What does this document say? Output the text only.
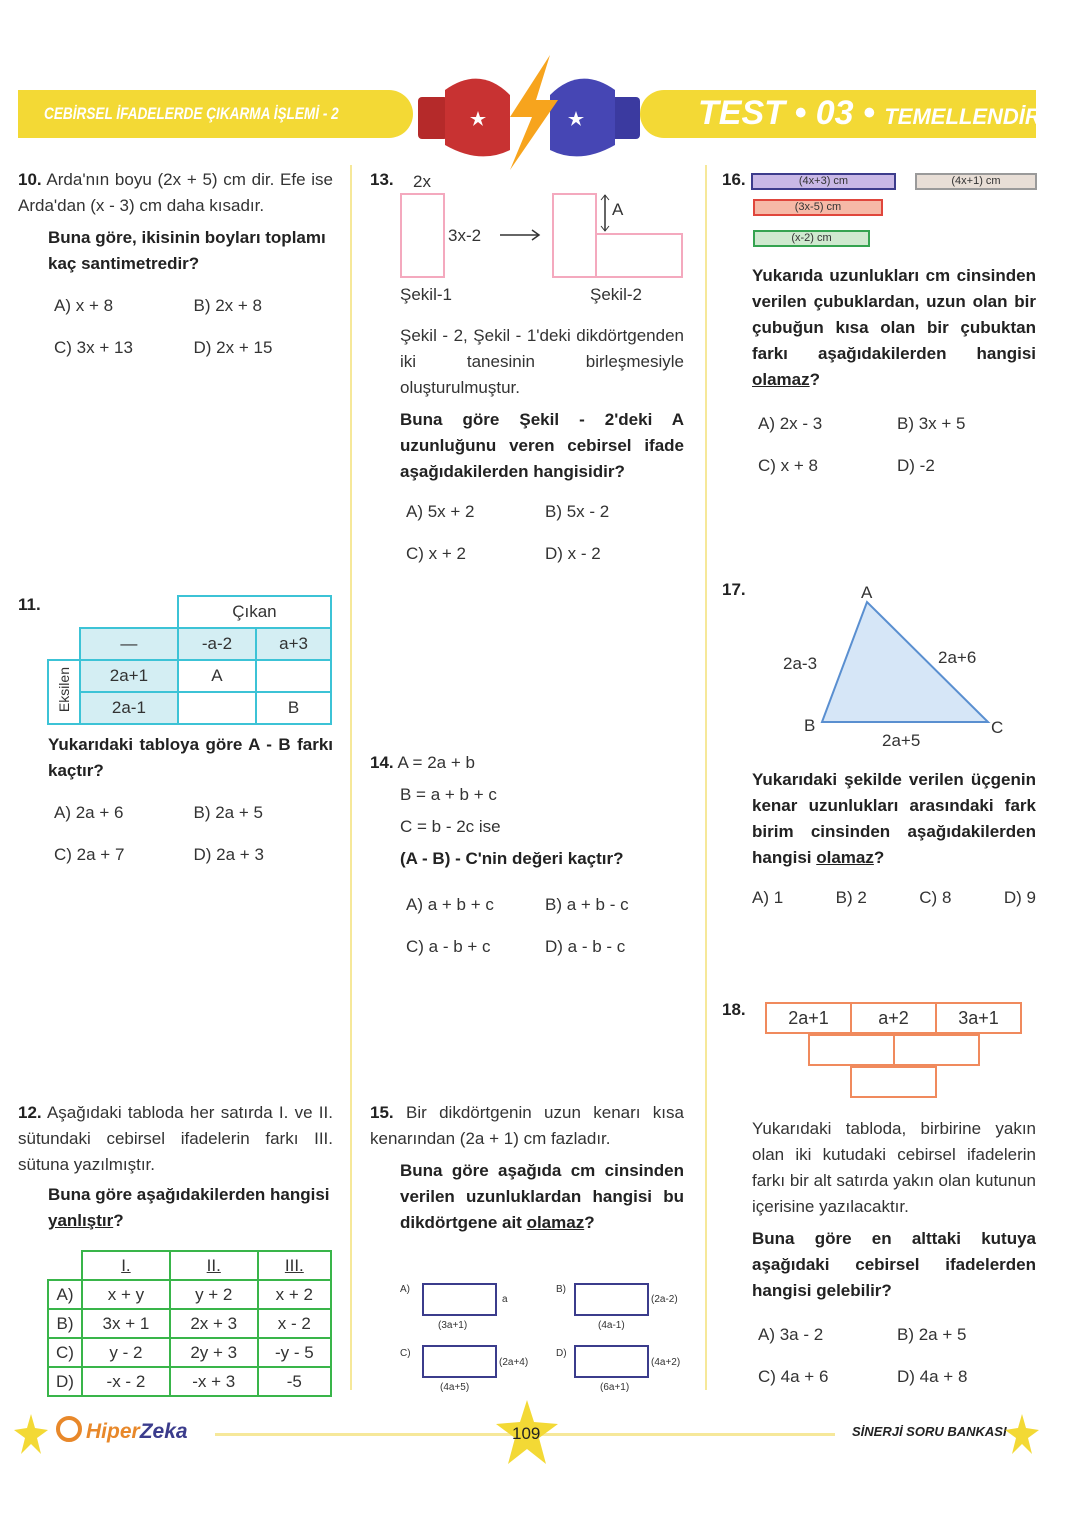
CEBİRSEL İFADELERDE ÇIKARMA İŞLEMİ - 2	TEST • 03 • TEMELLENDİRME
10. Arda'nın boyu (2x + 5) cm dir. Efe ise Arda'dan (x - 3) cm daha kısadır.
Buna göre, ikisinin boyları toplamı kaç santimetredir?
A) x + 8	B) 2x + 8
C) 3x + 13	D) 2x + 15
11.
		Çıkan	
	—	-a-2	a+3
Eksilen	2a+1	A	
	2a-1		B
Yukarıdaki tabloya göre A - B farkı kaçtır?
A) 2a + 6	B) 2a + 5
C) 2a + 7	D) 2a + 3
12. Aşağıdaki tabloda her satırda I. ve II. sütundaki cebirsel ifadelerin farkı III. sütuna yazılmıştır.
Buna göre aşağıdakilerden hangisi yanlıştır?
	I.	II.	III.
A)	x + y	y + 2	x + 2
B)	3x + 1	2x + 3	x - 2
C)	y - 2	2y + 3	-y - 5
D)	-x - 2	-x + 3	-5
13. 2x
3x-2
A
Şekil-1	Şekil-2
Şekil - 2, Şekil - 1'deki dikdörtgenden iki tanesinin birleşmesiyle oluşturulmuştur.
Buna göre Şekil - 2'deki A uzunluğunu veren cebirsel ifade aşağıdakilerden hangisidir?
A) 5x + 2	B) 5x - 2
C) x + 2	D) x - 2
14. A = 2a + b
B = a + b + c
C = b - 2c ise
(A - B) - C'nin değeri kaçtır?
A) a + b + c	B) a + b - c
C) a - b + c	D) a - b - c
15. Bir dikdörtgenin uzun kenarı kısa kenarından (2a + 1) cm fazladır.
Buna göre aşağıda cm cinsinden verilen uzunluklardan hangisi bu dikdörtgene ait olamaz?
A)
a
(3a+1)
B)
(2a-2)
(4a-1)
C)
(2a+4)
(4a+5)
D)
(4a+2)
(6a+1)
16.	(4x+3) cm	(4x+1) cm
(3x-5) cm
(x-2) cm
Yukarıda uzunlukları cm cinsinden verilen çubuklardan, uzun olan bir çubuğun kısa olan bir çubuktan farkı aşağıdakilerden hangisi olamaz?
A) 2x - 3	B) 3x + 5
C) x + 8	D) -2
17.	A
B	C
2a-3	2a+6
2a+5
Yukarıdaki şekilde verilen üçgenin kenar uzunlukları arasındaki fark birim cinsinden aşağıdakilerden hangisi olamaz?
A) 1	B) 2	C) 8	D) 9
18.	2a+1	a+2	3a+1
Yukarıdaki tabloda, birbirine yakın olan iki kutudaki cebirsel ifadelerin farkı bir alt satırda yakın olan kutunun içerisine yazılacaktır.
Buna göre en alttaki kutuya aşağıdaki cebirsel ifadelerden hangisi gelebilir?
A) 3a - 2	B) 2a + 5
C) 4a + 6	D) 4a + 8
HiperZeka	109	SİNERJİ SORU BANKASI
